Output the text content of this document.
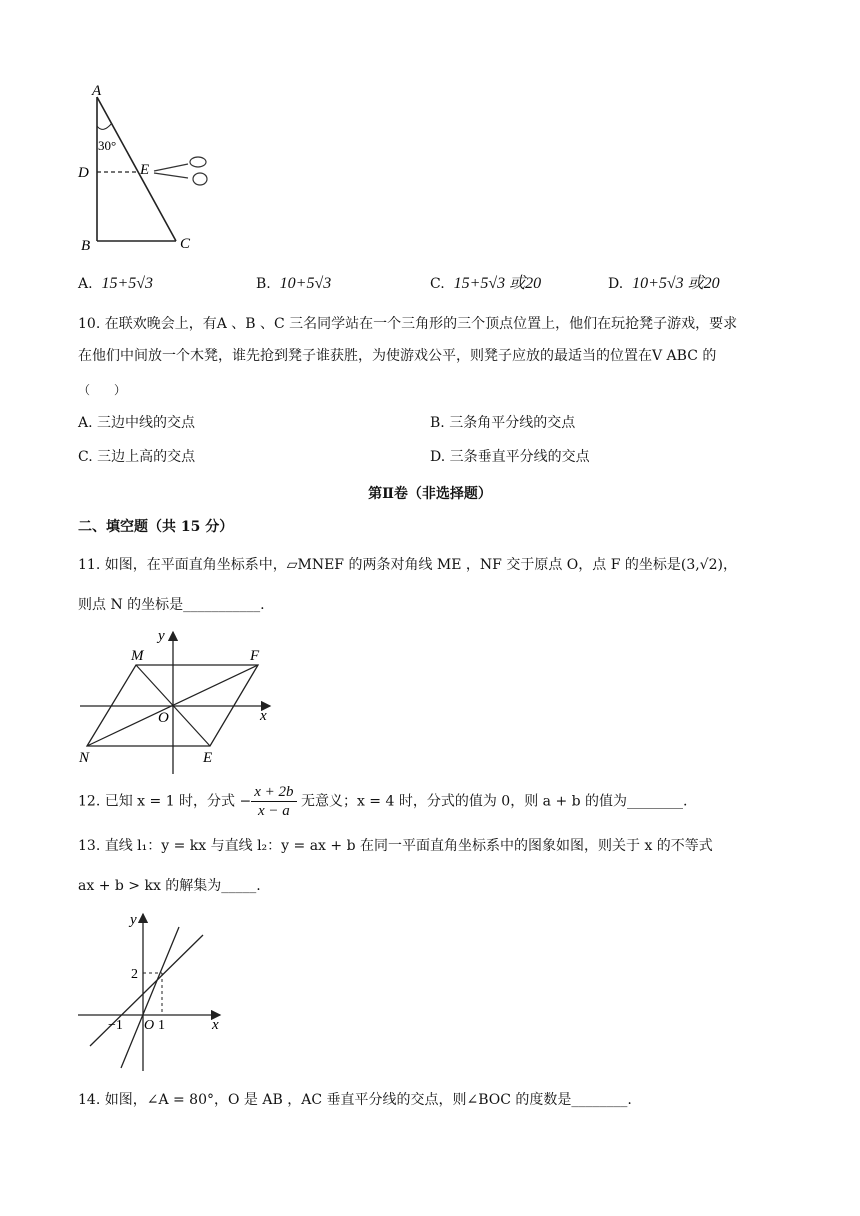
A
30°
D	E
B	C
A. 15+5√3	B. 10+5√3	C. 15+5√3 或20	D. 10+5√3 或20
10. 在联欢晚会上，有A 、B 、C 三名同学站在一个三角形的三个顶点位置上，他们在玩抢凳子游戏，要求
在他们中间放一个木凳，谁先抢到凳子谁获胜，为使游戏公平，则凳子应放的最适当的位置在V ABC 的
（　　）
A. 三边中线的交点	B. 三条角平分线的交点
C. 三边上高的交点	D. 三条垂直平分线的交点
第Ⅱ卷（非选择题）
二、填空题（共 15 分）
11. 如图，在平面直角坐标系中，▱MNEF 的两条对角线 ME ，NF 交于原点 O，点 F 的坐标是(3,√2)，
则点 N 的坐标是___________.
M	F
N	E
O	x
y
12. 已知 x = 1 时，分式 − $\frac{x + 2b}{x - a}$ 无意义；x = 4 时，分式的值为 0，则 a + b 的值为________.
13. 直线 l₁：y = kx 与直线 l₂：y = ax + b 在同一平面直角坐标系中的图象如图，则关于 x 的不等式
ax + b > kx 的解集为_____.
y
x
2
−1 O 1
14. 如图，∠A = 80°，O 是 AB ，AC 垂直平分线的交点，则∠BOC 的度数是________.
